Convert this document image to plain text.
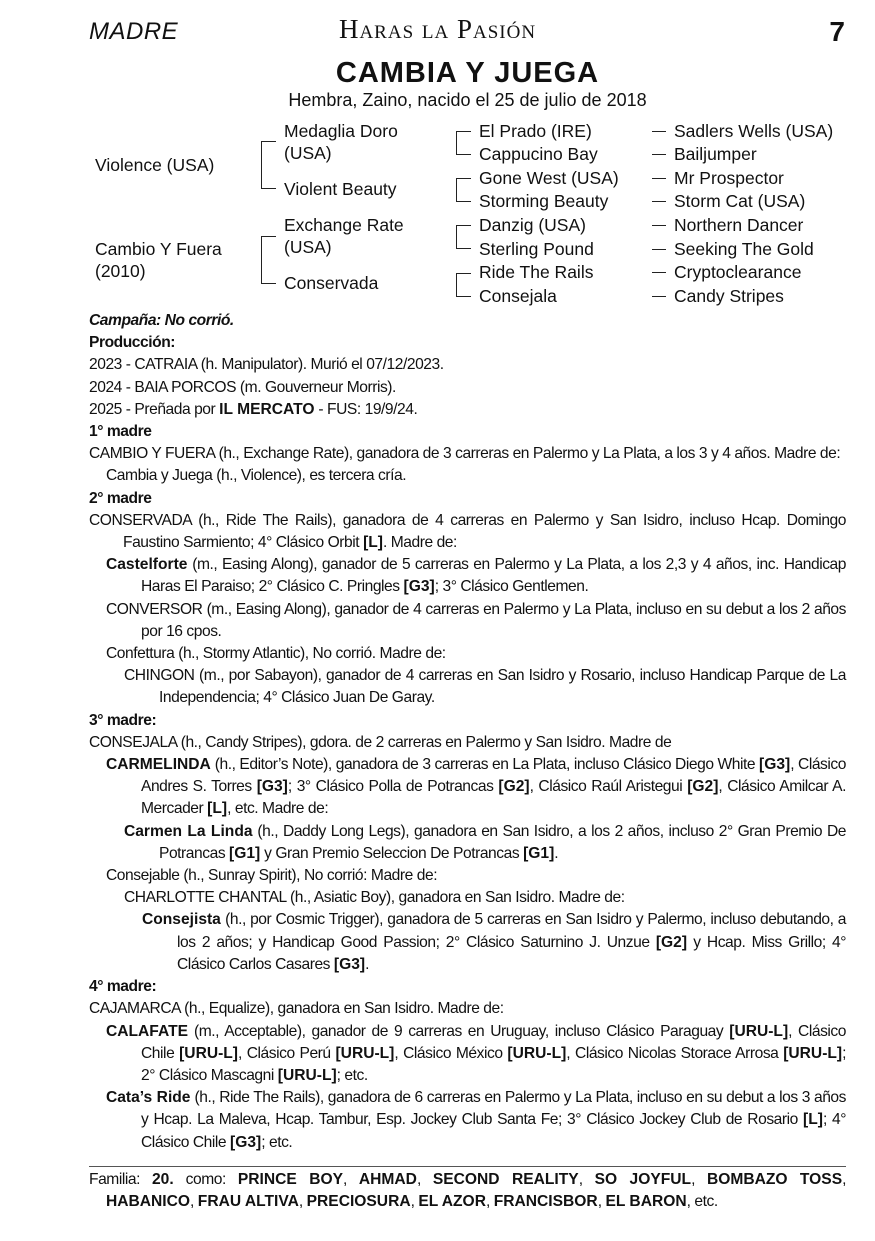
MADRE	Haras la Pasión	7
CAMBIA Y JUEGA
Hembra, Zaino, nacido el 25 de julio de 2018
Violence (USA)
Cambio Y Fuera
(2010)
Medaglia Doro
(USA)
Violent Beauty
Exchange Rate
(USA)
Conservada
El Prado (IRE)
Cappucino Bay
Gone West (USA)
Storming Beauty
Danzig (USA)
Sterling Pound
Ride The Rails
Consejala
Sadlers Wells (USA)
Bailjumper
Mr Prospector
Storm Cat (USA)
Northern Dancer
Seeking The Gold
Cryptoclearance
Candy Stripes

Campaña: No corrió.

Producción:

2023 - CATRAIA (h. Manipulator). Murió el 07/12/2023.

2024 - BAIA PORCOS (m. Gouverneur Morris).

2025 - Preñada por IL MERCATO - FUS: 19/9/24.

1° madre

CAMBIO Y FUERA (h., Exchange Rate), ganadora de 3 carreras en Palermo y La Plata, a los 3 y 4 años. Madre de:

Cambia y Juega (h., Violence), es tercera cría.

2° madre

CONSERVADA (h., Ride The Rails), ganadora de 4 carreras en Palermo y San Isidro, incluso Hcap. Domingo Faustino Sarmiento; 4° Clásico Orbit [L]. Madre de:

Castelforte (m., Easing Along), ganador de 5 carreras en Palermo y La Plata, a los 2,3 y 4 años, inc. Handicap Haras El Paraiso; 2° Clásico C. Pringles [G3]; 3° Clásico Gentlemen.

CONVERSOR (m., Easing Along), ganador de 4 carreras en Palermo y La Plata, incluso en su debut a los 2 años por 16 cpos.

Confettura (h., Stormy Atlantic), No corrió. Madre de:

CHINGON (m., por Sabayon), ganador de 4 carreras en San Isidro y Rosario, incluso Handicap Parque de La Independencia; 4° Clásico Juan De Garay.

3° madre:

CONSEJALA (h., Candy Stripes), gdora. de 2 carreras en Palermo y San Isidro. Madre de

CARMELINDA (h., Editor’s Note), ganadora de 3 carreras en La Plata, incluso Clásico Diego White [G3], Clásico Andres S. Torres [G3]; 3° Clásico Polla de Potrancas [G2], Clásico Raúl Aristegui [G2], Clásico Amilcar A. Mercader [L], etc. Madre de:

Carmen La Linda (h., Daddy Long Legs), ganadora en San Isidro, a los 2 años, incluso 2° Gran Premio De Potrancas [G1] y Gran Premio Seleccion De Potrancas [G1].

Consejable (h., Sunray Spirit), No corrió: Madre de:

CHARLOTTE CHANTAL (h., Asiatic Boy), ganadora en San Isidro. Madre de:

Consejista (h., por Cosmic Trigger), ganadora de 5 carreras en San Isidro y Palermo, incluso debutando, a los 2 años; y Handicap Good Passion; 2° Clásico Saturnino J. Unzue [G2] y Hcap. Miss Grillo; 4° Clásico Carlos Casares [G3].

4° madre:

CAJAMARCA (h., Equalize), ganadora en San Isidro. Madre de:

CALAFATE (m., Acceptable), ganador de 9 carreras en Uruguay, incluso Clásico Paraguay [URU-L], Clásico Chile [URU-L], Clásico Perú [URU-L], Clásico México [URU-L], Clásico Nicolas Storace Arrosa [URU-L]; 2° Clásico Mascagni [URU-L]; etc.

Cata’s Ride (h., Ride The Rails), ganadora de 6 carreras en Palermo y La Plata, incluso en su debut a los 3 años y Hcap. La Maleva, Hcap. Tambur, Esp. Jockey Club Santa Fe; 3° Clásico Jockey Club de Rosario [L]; 4° Clásico Chile [G3]; etc.

Familia: 20. como: PRINCE BOY, AHMAD, SECOND REALITY, SO JOYFUL, BOMBAZO TOSS, HABANICO, FRAU ALTIVA, PRECIOSURA, EL AZOR, FRANCISBOR, EL BARON, etc.
